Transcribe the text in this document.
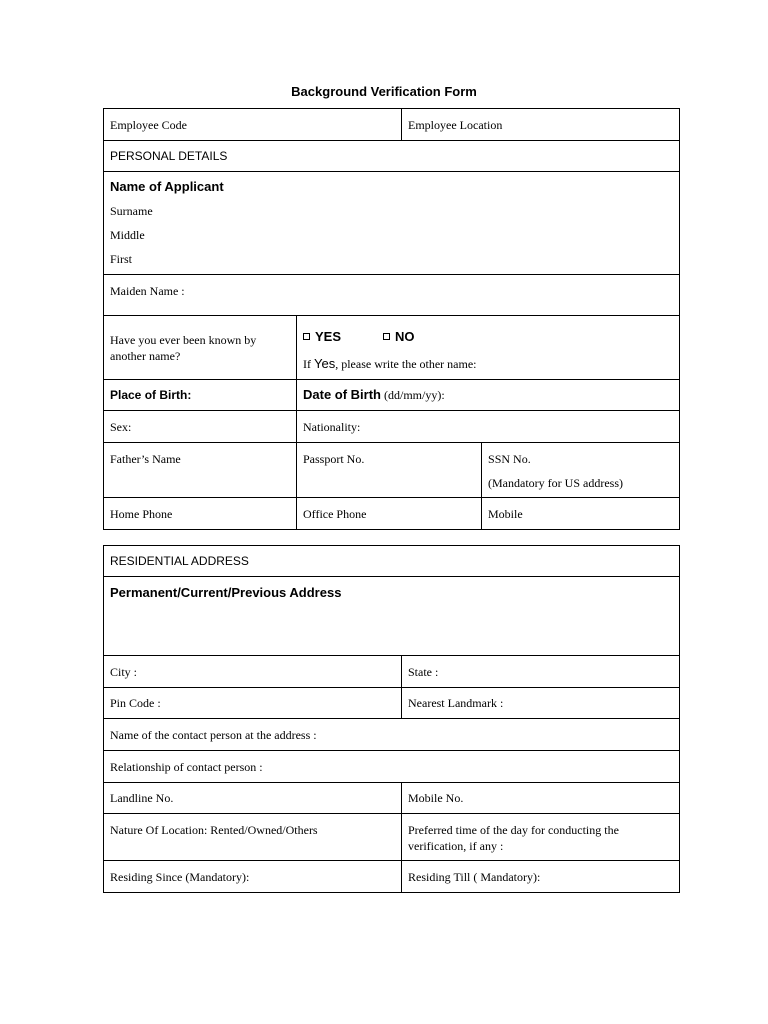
Background Verification Form
Employee Code		Employee Location	
PERSONAL DETAILS			

Name of Applicant
Surname
Middle
First			

Maiden Name :			

Have you ever been known by another name?	YES NO
If Yes, please write the other name:		

Place of Birth:	Date of Birth (dd/mm/yy):		
Sex:	Nationality:		

Father’s Name	Passport No.		SSN No.
(Mandatory for US address)

Home Phone	Office Phone		Mobile
RESIDENTIAL ADDRESS	

Permanent/Current/Previous Address	

City :	State :
Pin Code :	Nearest Landmark :
Name of the contact person at the address :	
Relationship of contact person :	
Landline No.	Mobile No.

Nature Of Location: Rented/Owned/Others	Preferred time of the day for conducting the verification, if any :

Residing Since (Mandatory):	Residing Till ( Mandatory):
